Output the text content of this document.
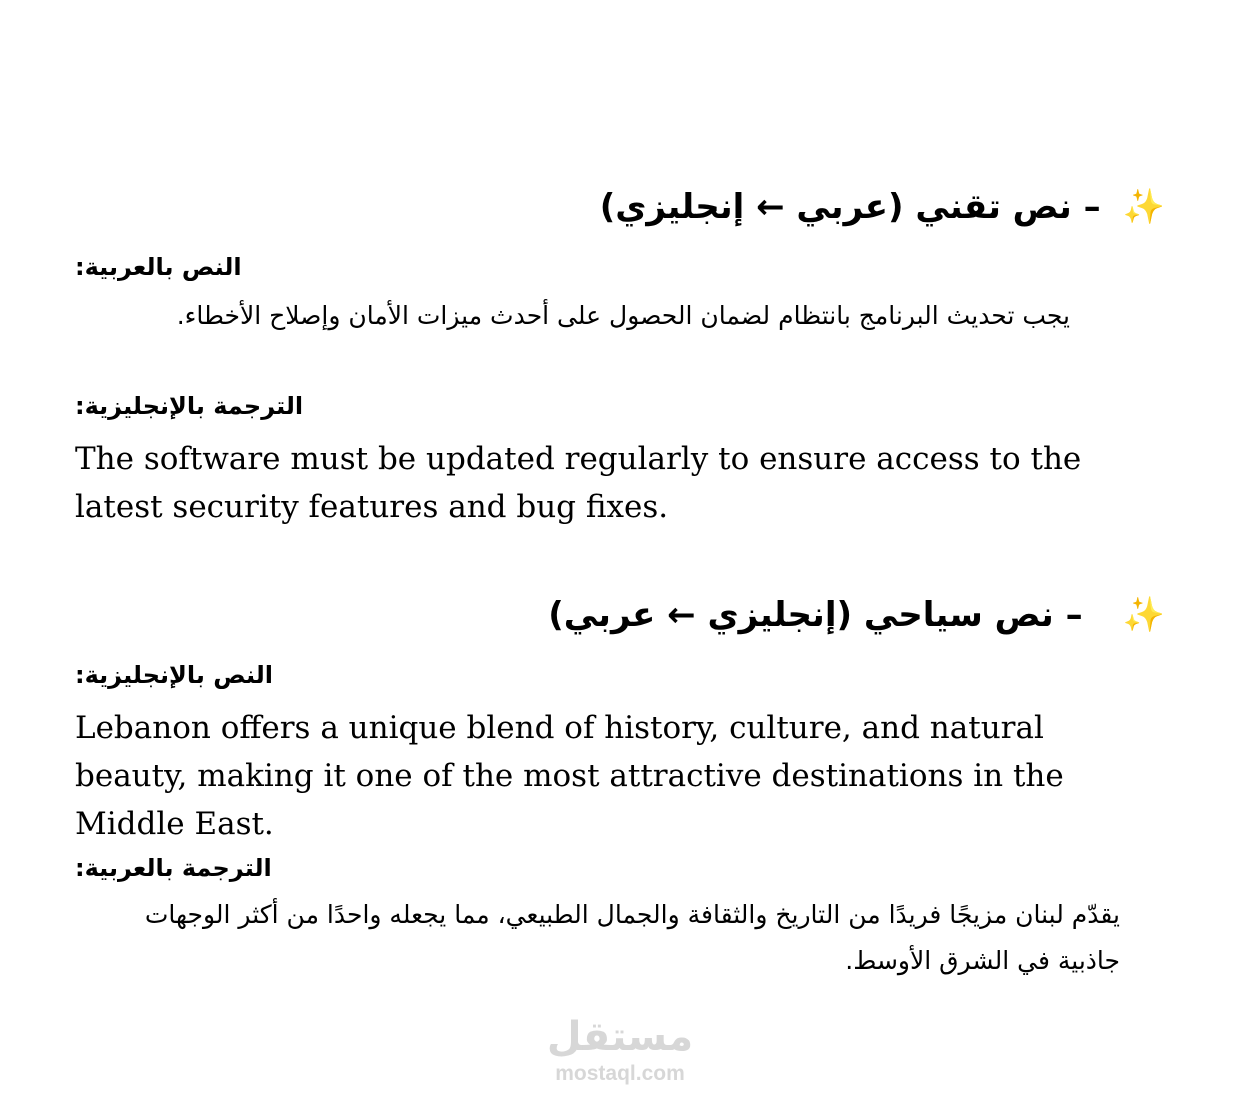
✨– نص تقني (عربي ← إنجليزي)
النص بالعربية:
يجب تحديث البرنامج بانتظام لضمان الحصول على أحدث ميزات الأمان وإصلاح الأخطاء.
الترجمة بالإنجليزية:
The software must be updated regularly to ensure access to the latest security features and bug fixes.
✨– نص سياحي (إنجليزي ← عربي)
النص بالإنجليزية:
Lebanon offers a unique blend of history, culture, and natural beauty, making it one of the most attractive destinations in the Middle East.
الترجمة بالعربية:
يقدّم لبنان مزيجًا فريدًا من التاريخ والثقافة والجمال الطبيعي، مما يجعله واحدًا من أكثر الوجهات جاذبية في الشرق الأوسط.
مستقل
mostaql.com
